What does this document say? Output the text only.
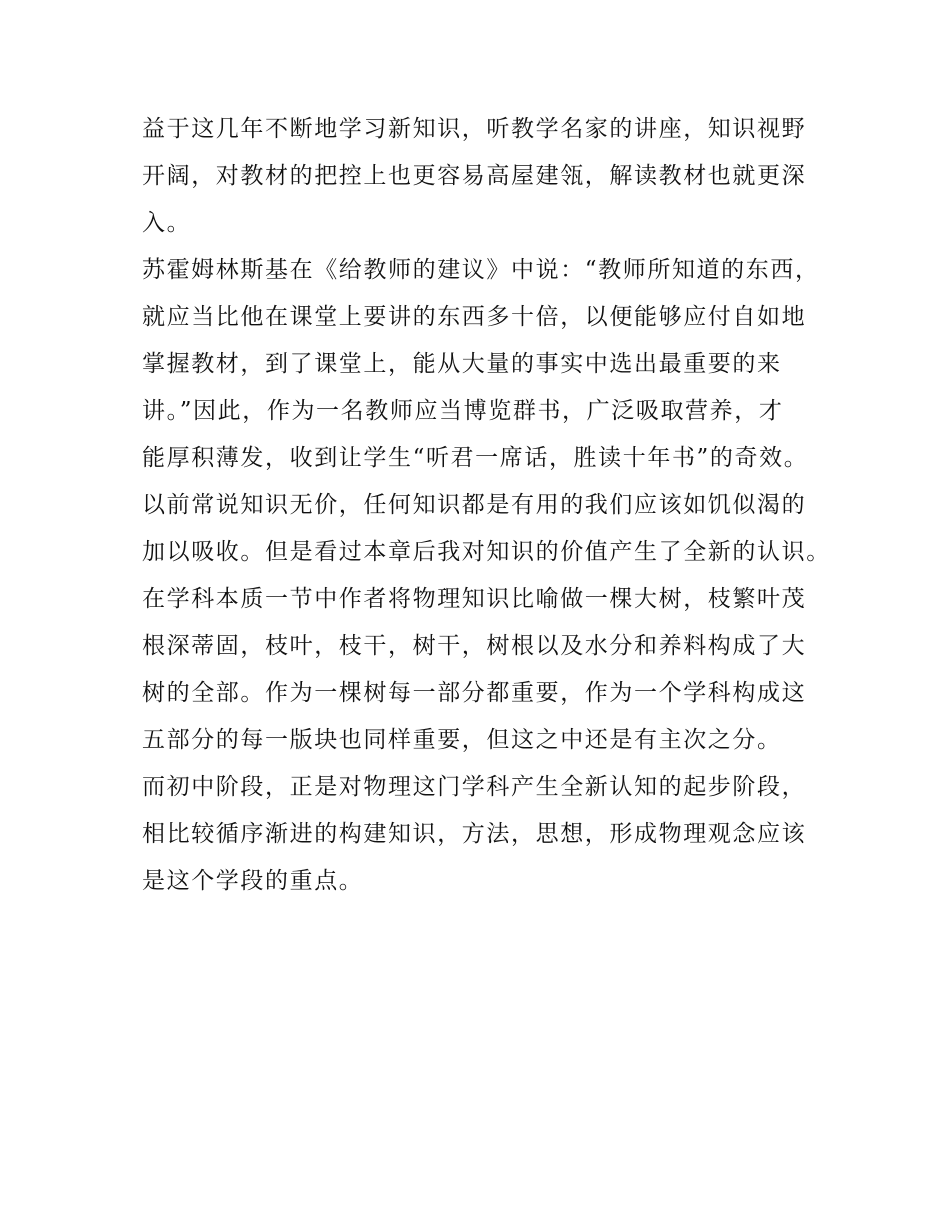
益于这几年不断地学习新知识，听教学名家的讲座，知识视野
开阔，对教材的把控上也更容易高屋建瓴，解读教材也就更深
入。
苏霍姆林斯基在《给教师的建议》中说：“教师所知道的东西，
就应当比他在课堂上要讲的东西多十倍，以便能够应付自如地
掌握教材，到了课堂上，能从大量的事实中选出最重要的来
讲。”因此，作为一名教师应当博览群书，广泛吸取营养，才
能厚积薄发，收到让学生“听君一席话，胜读十年书”的奇效。
以前常说知识无价，任何知识都是有用的我们应该如饥似渴的
加以吸收。但是看过本章后我对知识的价值产生了全新的认识。
在学科本质一节中作者将物理知识比喻做一棵大树，枝繁叶茂
根深蒂固，枝叶，枝干，树干，树根以及水分和养料构成了大
树的全部。作为一棵树每一部分都重要，作为一个学科构成这
五部分的每一版块也同样重要，但这之中还是有主次之分。
而初中阶段，正是对物理这门学科产生全新认知的起步阶段，
相比较循序渐进的构建知识，方法，思想，形成物理观念应该
是这个学段的重点。
